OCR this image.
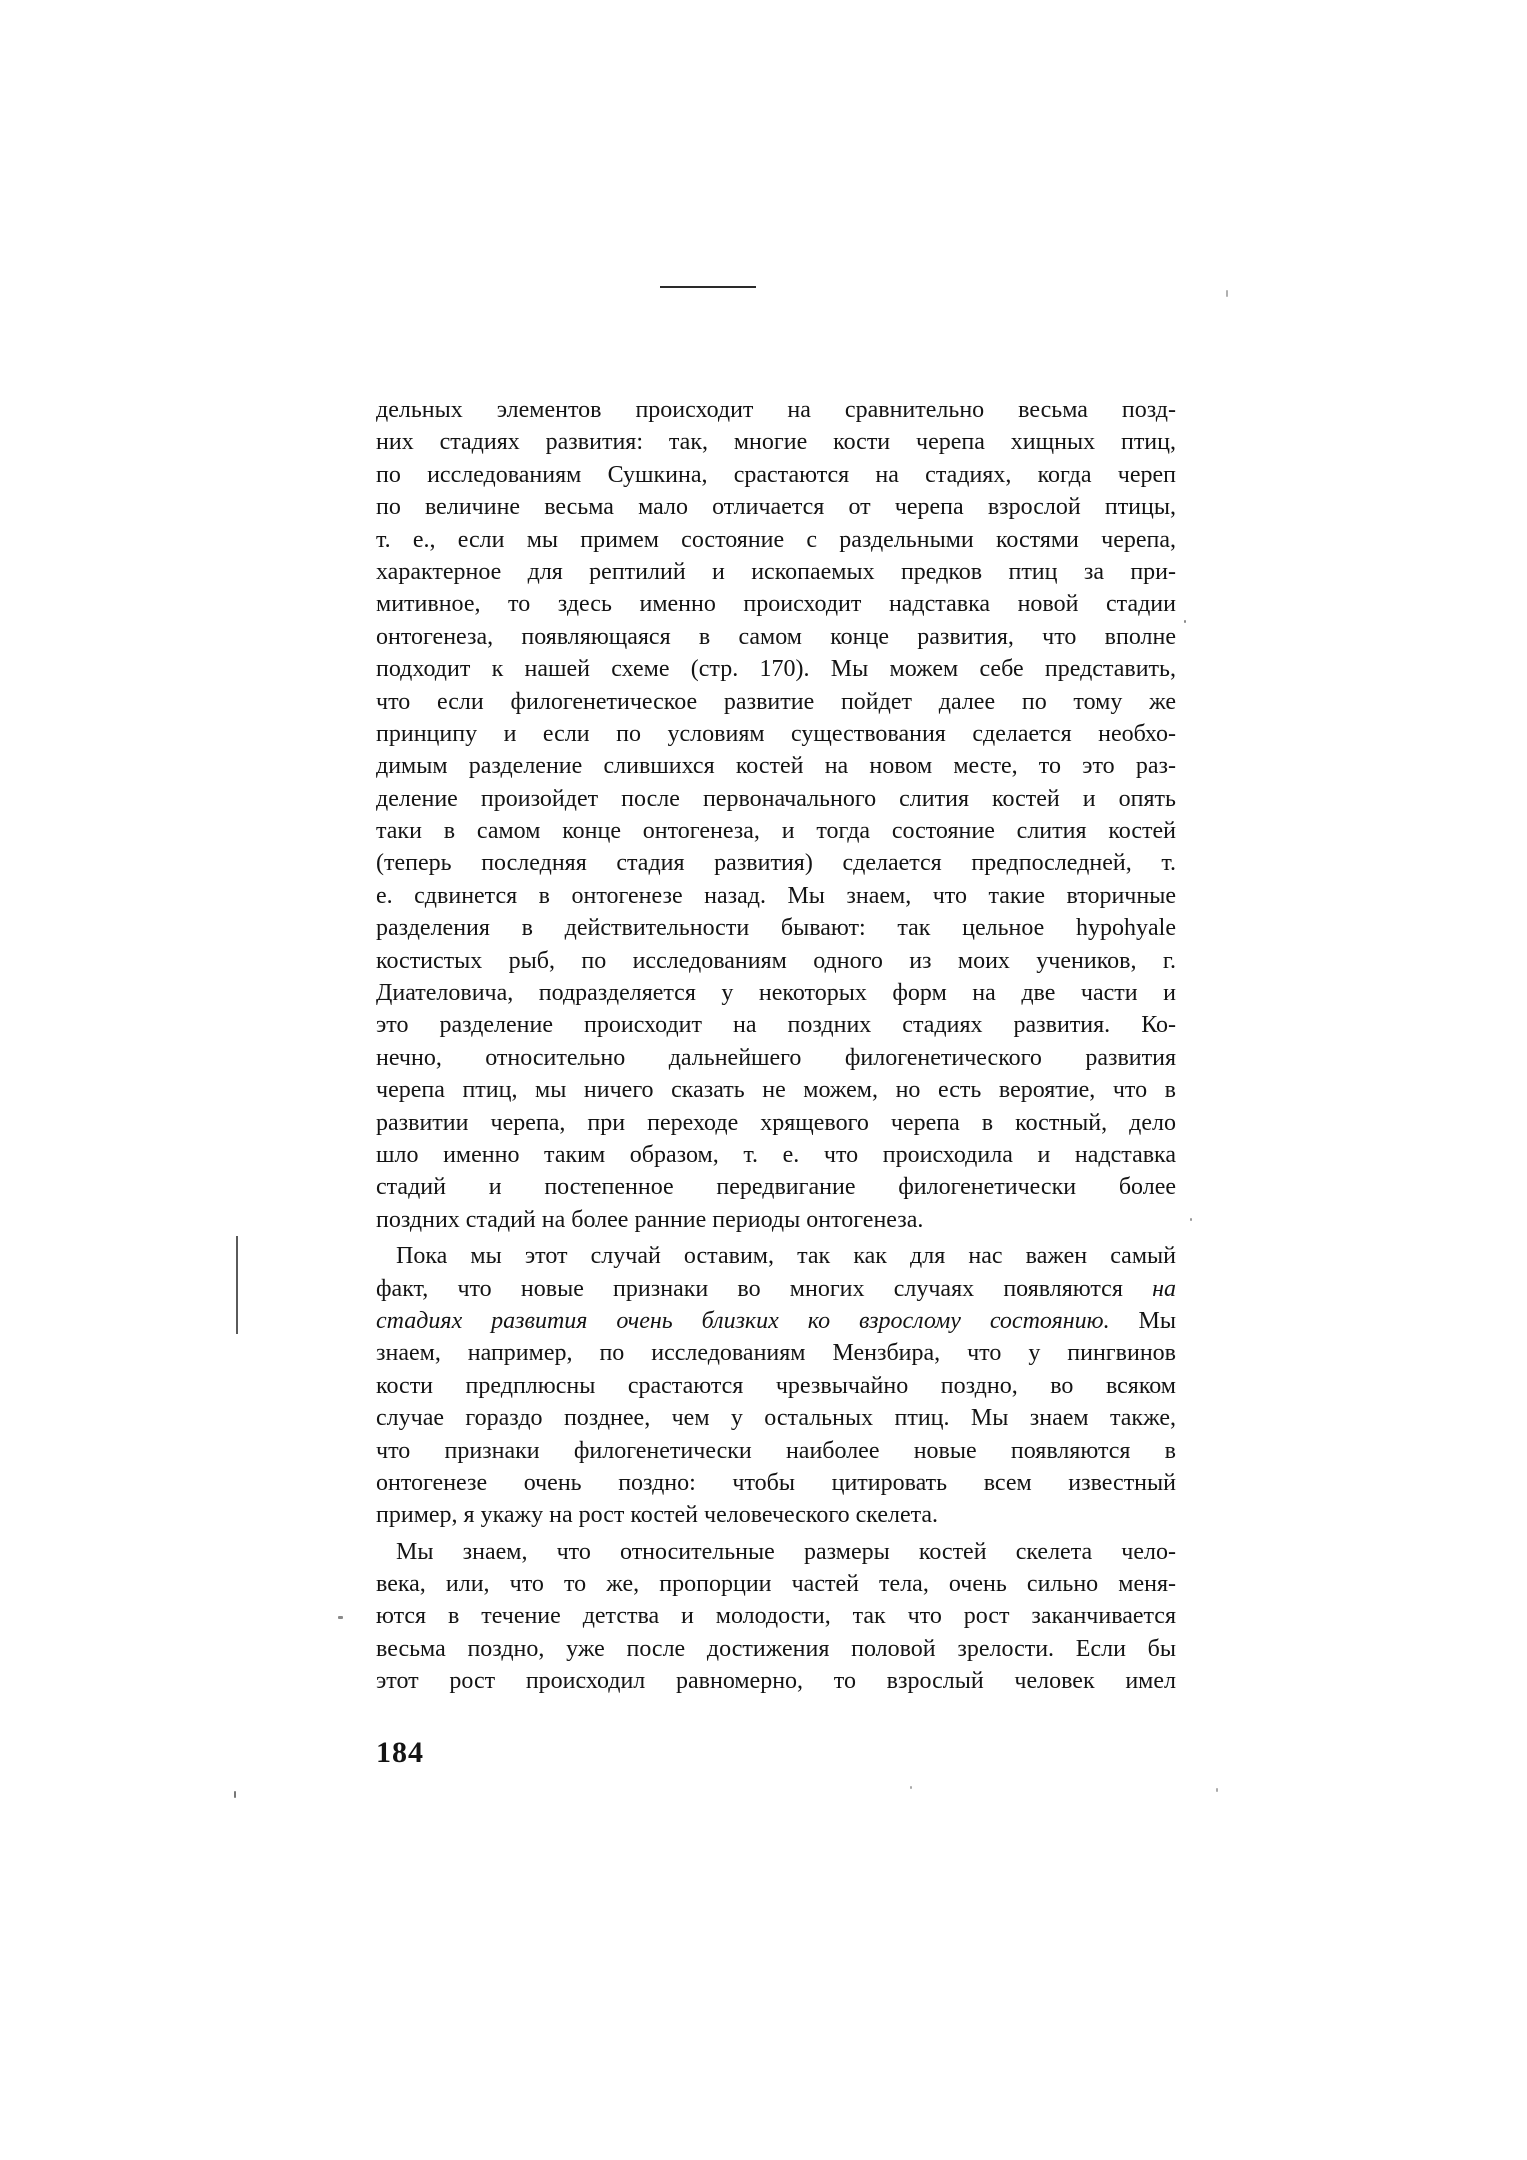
дельных элементов происходит на сравнительно весьма позд-
них стадиях развития: так, многие кости черепа хищных птиц,
по исследованиям Сушкина, срастаются на стадиях, когда череп
по величине весьма мало отличается от черепа взрослой птицы,
т. е., если мы примем состояние с раздельными костями черепа,
характерное для рептилий и ископаемых предков птиц за при-
митивное, то здесь именно происходит надставка новой стадии
онтогенеза, появляющаяся в самом конце развития, что вполне
подходит к нашей схеме (стр. 170). Мы можем себе представить,
что если филогенетическое развитие пойдет далее по тому же
принципу и если по условиям существования сделается необхо-
димым разделение слившихся костей на новом месте, то это раз-
деление произойдет после первоначального слития костей и опять
таки в самом конце онтогенеза, и тогда состояние слития костей
(теперь последняя стадия развития) сделается предпоследней, т.
е. сдвинется в онтогенезе назад. Мы знаем, что такие вторичные
разделения в действительности бывают: так цельное hypohyale
костистых рыб, по исследованиям одного из моих учеников, г.
Диателовича, подразделяется у некоторых форм на две части и
это разделение происходит на поздних стадиях развития. Ко-
нечно, относительно дальнейшего филогенетического развития
черепа птиц, мы ничего сказать не можем, но есть вероятие, что в
развитии черепа, при переходе хрящевого черепа в костный, дело
шло именно таким образом, т. е. что происходила и надставка
стадий и постепенное передвигание филогенетически более
поздних стадий на более ранние периоды онтогенеза.
Пока мы этот случай оставим, так как для нас важен самый
факт, что новые признаки во многих случаях появляются на
стадиях развития очень близких ко взрослому состоянию. Мы
знаем, например, по исследованиям Мензбира, что у пингвинов
кости предплюсны срастаются чрезвычайно поздно, во всяком
случае гораздо позднее, чем у остальных птиц. Мы знаем также,
что признаки филогенетически наиболее новые появляются в
онтогенезе очень поздно: чтобы цитировать всем известный
пример, я укажу на рост костей человеческого скелета.
Мы знаем, что относительные размеры костей скелета чело-
века, или, что то же, пропорции частей тела, очень сильно меня-
ются в течение детства и молодости, так что рост заканчивается
весьма поздно, уже после достижения половой зрелости. Если бы
этот рост происходил равномерно, то взрослый человек имел
184
